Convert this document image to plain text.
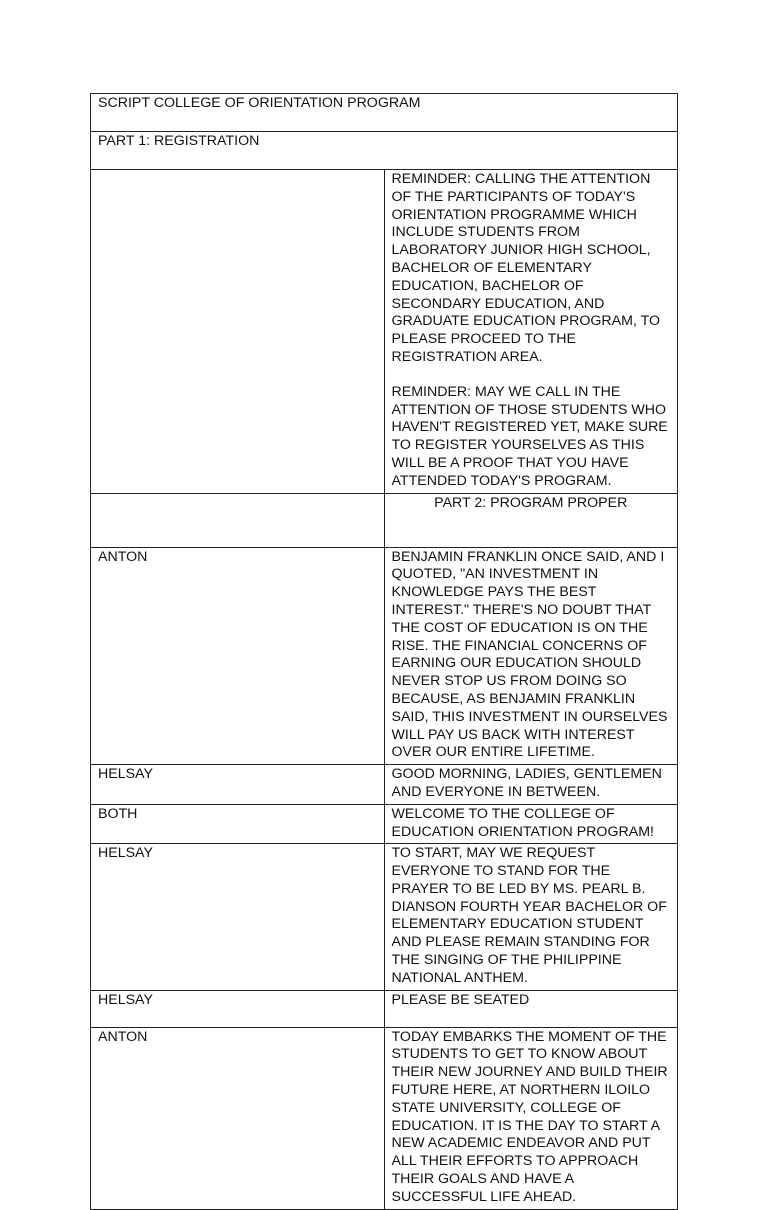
SCRIPT COLLEGE OF ORIENTATION PROGRAM	
PART 1: REGISTRATION	

	REMINDER: CALLING THE ATTENTION OF THE PARTICIPANTS OF TODAY'S ORIENTATION PROGRAMME WHICH INCLUDE STUDENTS FROM LABORATORY JUNIOR HIGH SCHOOL, BACHELOR OF ELEMENTARY EDUCATION, BACHELOR OF SECONDARY EDUCATION, AND GRADUATE EDUCATION PROGRAM, TO PLEASE PROCEED TO THE REGISTRATION AREA.

REMINDER: MAY WE CALL IN THE ATTENTION OF THOSE STUDENTS WHO HAVEN'T REGISTERED YET, MAKE SURE TO REGISTER YOURSELVES AS THIS WILL BE A PROOF THAT YOU HAVE ATTENDED TODAY'S PROGRAM.

	PART 2: PROGRAM PROPER
ANTON	BENJAMIN FRANKLIN ONCE SAID, AND I QUOTED, "AN INVESTMENT IN KNOWLEDGE PAYS THE BEST INTEREST." THERE'S NO DOUBT THAT THE COST OF EDUCATION IS ON THE RISE. THE FINANCIAL CONCERNS OF EARNING OUR EDUCATION SHOULD NEVER STOP US FROM DOING SO BECAUSE, AS BENJAMIN FRANKLIN SAID, THIS INVESTMENT IN OURSELVES WILL PAY US BACK WITH INTEREST OVER OUR ENTIRE LIFETIME.
HELSAY	GOOD MORNING, LADIES, GENTLEMEN AND EVERYONE IN BETWEEN.
BOTH	WELCOME TO THE COLLEGE OF EDUCATION ORIENTATION PROGRAM!
HELSAY	TO START, MAY WE REQUEST EVERYONE TO STAND FOR THE PRAYER TO BE LED BY MS. PEARL B. DIANSON FOURTH YEAR BACHELOR OF ELEMENTARY EDUCATION STUDENT AND PLEASE REMAIN STANDING FOR THE SINGING OF THE PHILIPPINE NATIONAL ANTHEM.
HELSAY	PLEASE BE SEATED
ANTON	TODAY EMBARKS THE MOMENT OF THE STUDENTS TO GET TO KNOW ABOUT THEIR NEW JOURNEY AND BUILD THEIR FUTURE HERE, AT NORTHERN ILOILO STATE UNIVERSITY, COLLEGE OF EDUCATION. IT IS THE DAY TO START A NEW ACADEMIC ENDEAVOR AND PUT ALL THEIR EFFORTS TO APPROACH THEIR GOALS AND HAVE A SUCCESSFUL LIFE AHEAD.
